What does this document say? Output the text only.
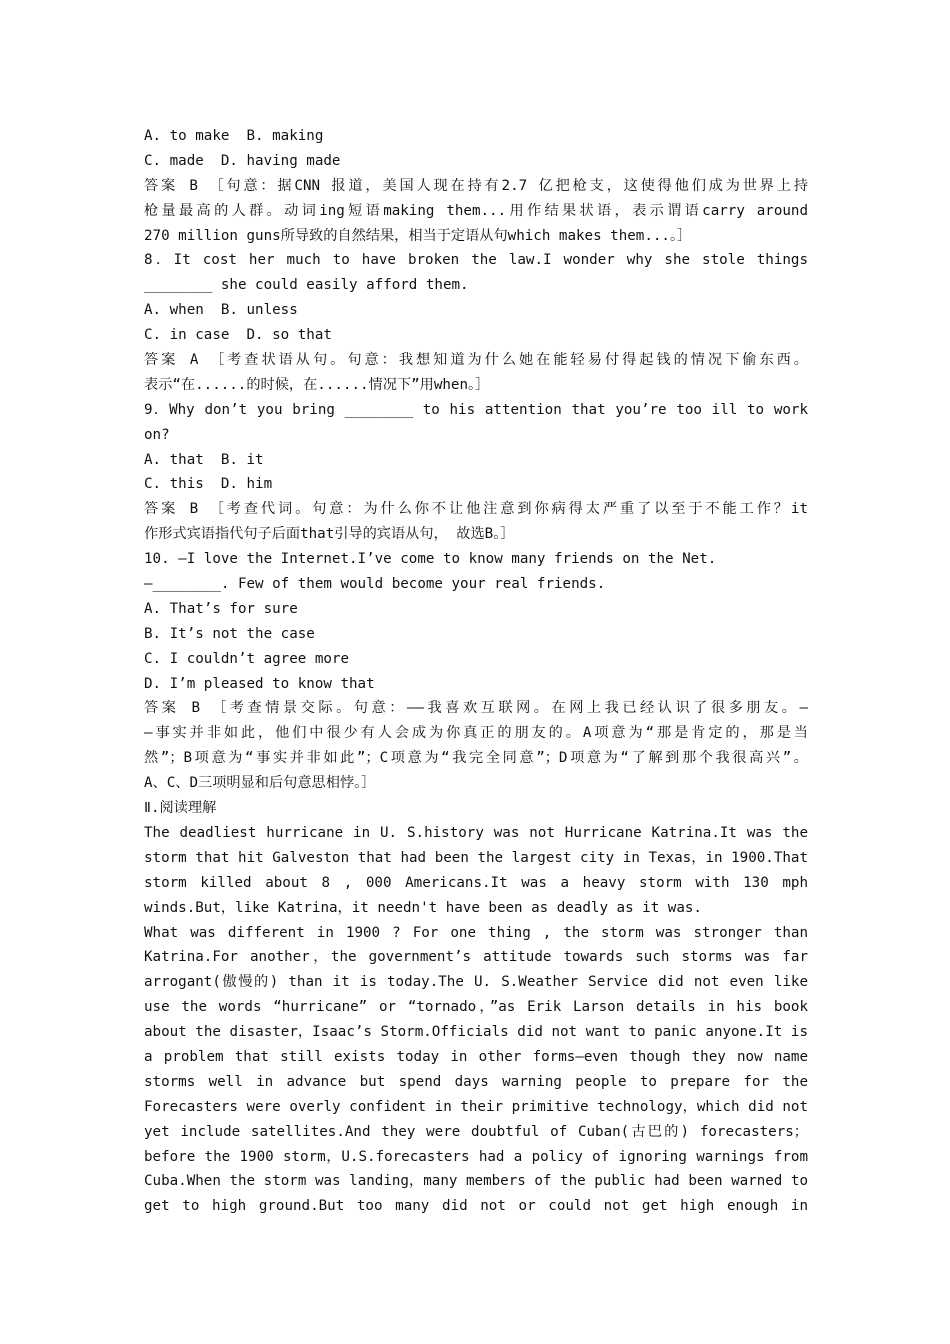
A. to make  B. making
C. made  D. having made
答案 B ［句意：据CNN 报道，美国人现在持有2.7 亿把枪支，这使得他们成为世界上持
枪量最高的人群。动词ing短语making them...用作结果状语，表示谓语carry around
270 million guns所导致的自然结果，相当于定语从句which makes them...。］
8．It cost her much to have broken the law.I wonder why she stole things
________ she could easily afford them.
A. when  B. unless
C. in case  D. so that
答案 A ［考查状语从句。句意：我想知道为什么她在能轻易付得起钱的情况下偷东西。
表示“在......的时候，在......情况下”用when。］
9．Why don’t you bring ________ to his attention that you’re too ill to work
on?
A. that  B. it
C. this  D. him
答案 B ［考查代词。句意：为什么你不让他注意到你病得太严重了以至于不能工作？it
作形式宾语指代句子后面that引导的宾语从句， 故选B。］
10. —I love the Internet.I’ve come to know many friends on the Net.
—________. Few of them would become your real friends.
A. That’s for sure
B. It’s not the case
C. I couldn’t agree more
D. I’m pleased to know that
答案 B ［考查情景交际。句意：——我喜欢互联网。在网上我已经认识了很多朋友。—
—事实并非如此，他们中很少有人会成为你真正的朋友的。A项意为“那是肯定的，那是当
然”；B项意为“事实并非如此”；C项意为“我完全同意”；D项意为“了解到那个我很高兴”。
A、C、D三项明显和后句意思相悖。］
Ⅱ.阅读理解
The deadliest hurricane in U. S.history was not Hurricane Katrina.It was the
storm that hit Galveston that had been the largest city in Texas，in 1900.That
storm killed about 8 , 000 Americans.It was a heavy storm with 130 mph
winds.But，like Katrina，it needn't have been as deadly as it was.
What was different in 1900 ? For one thing , the storm was stronger than
Katrina.For another，the government’s attitude towards such storms was far
arrogant(傲慢的) than it is today.The U. S.Weather Service did not even like
use the words “hurricane” or “tornado，”as Erik Larson details in his book
about the disaster，Isaac’s Storm.Officials did not want to panic anyone.It is
a problem that still exists today in other forms—even though they now name
storms well in advance but spend days warning people to prepare for the
Forecasters were overly confident in their primitive technology，which did not
yet include satellites.And they were doubtful of Cuban(古巴的) forecasters；
before the 1900 storm，U.S.forecasters had a policy of ignoring warnings from
Cuba.When the storm was landing，many members of the public had been warned to
get to high ground.But too many did not or could not get high enough in
